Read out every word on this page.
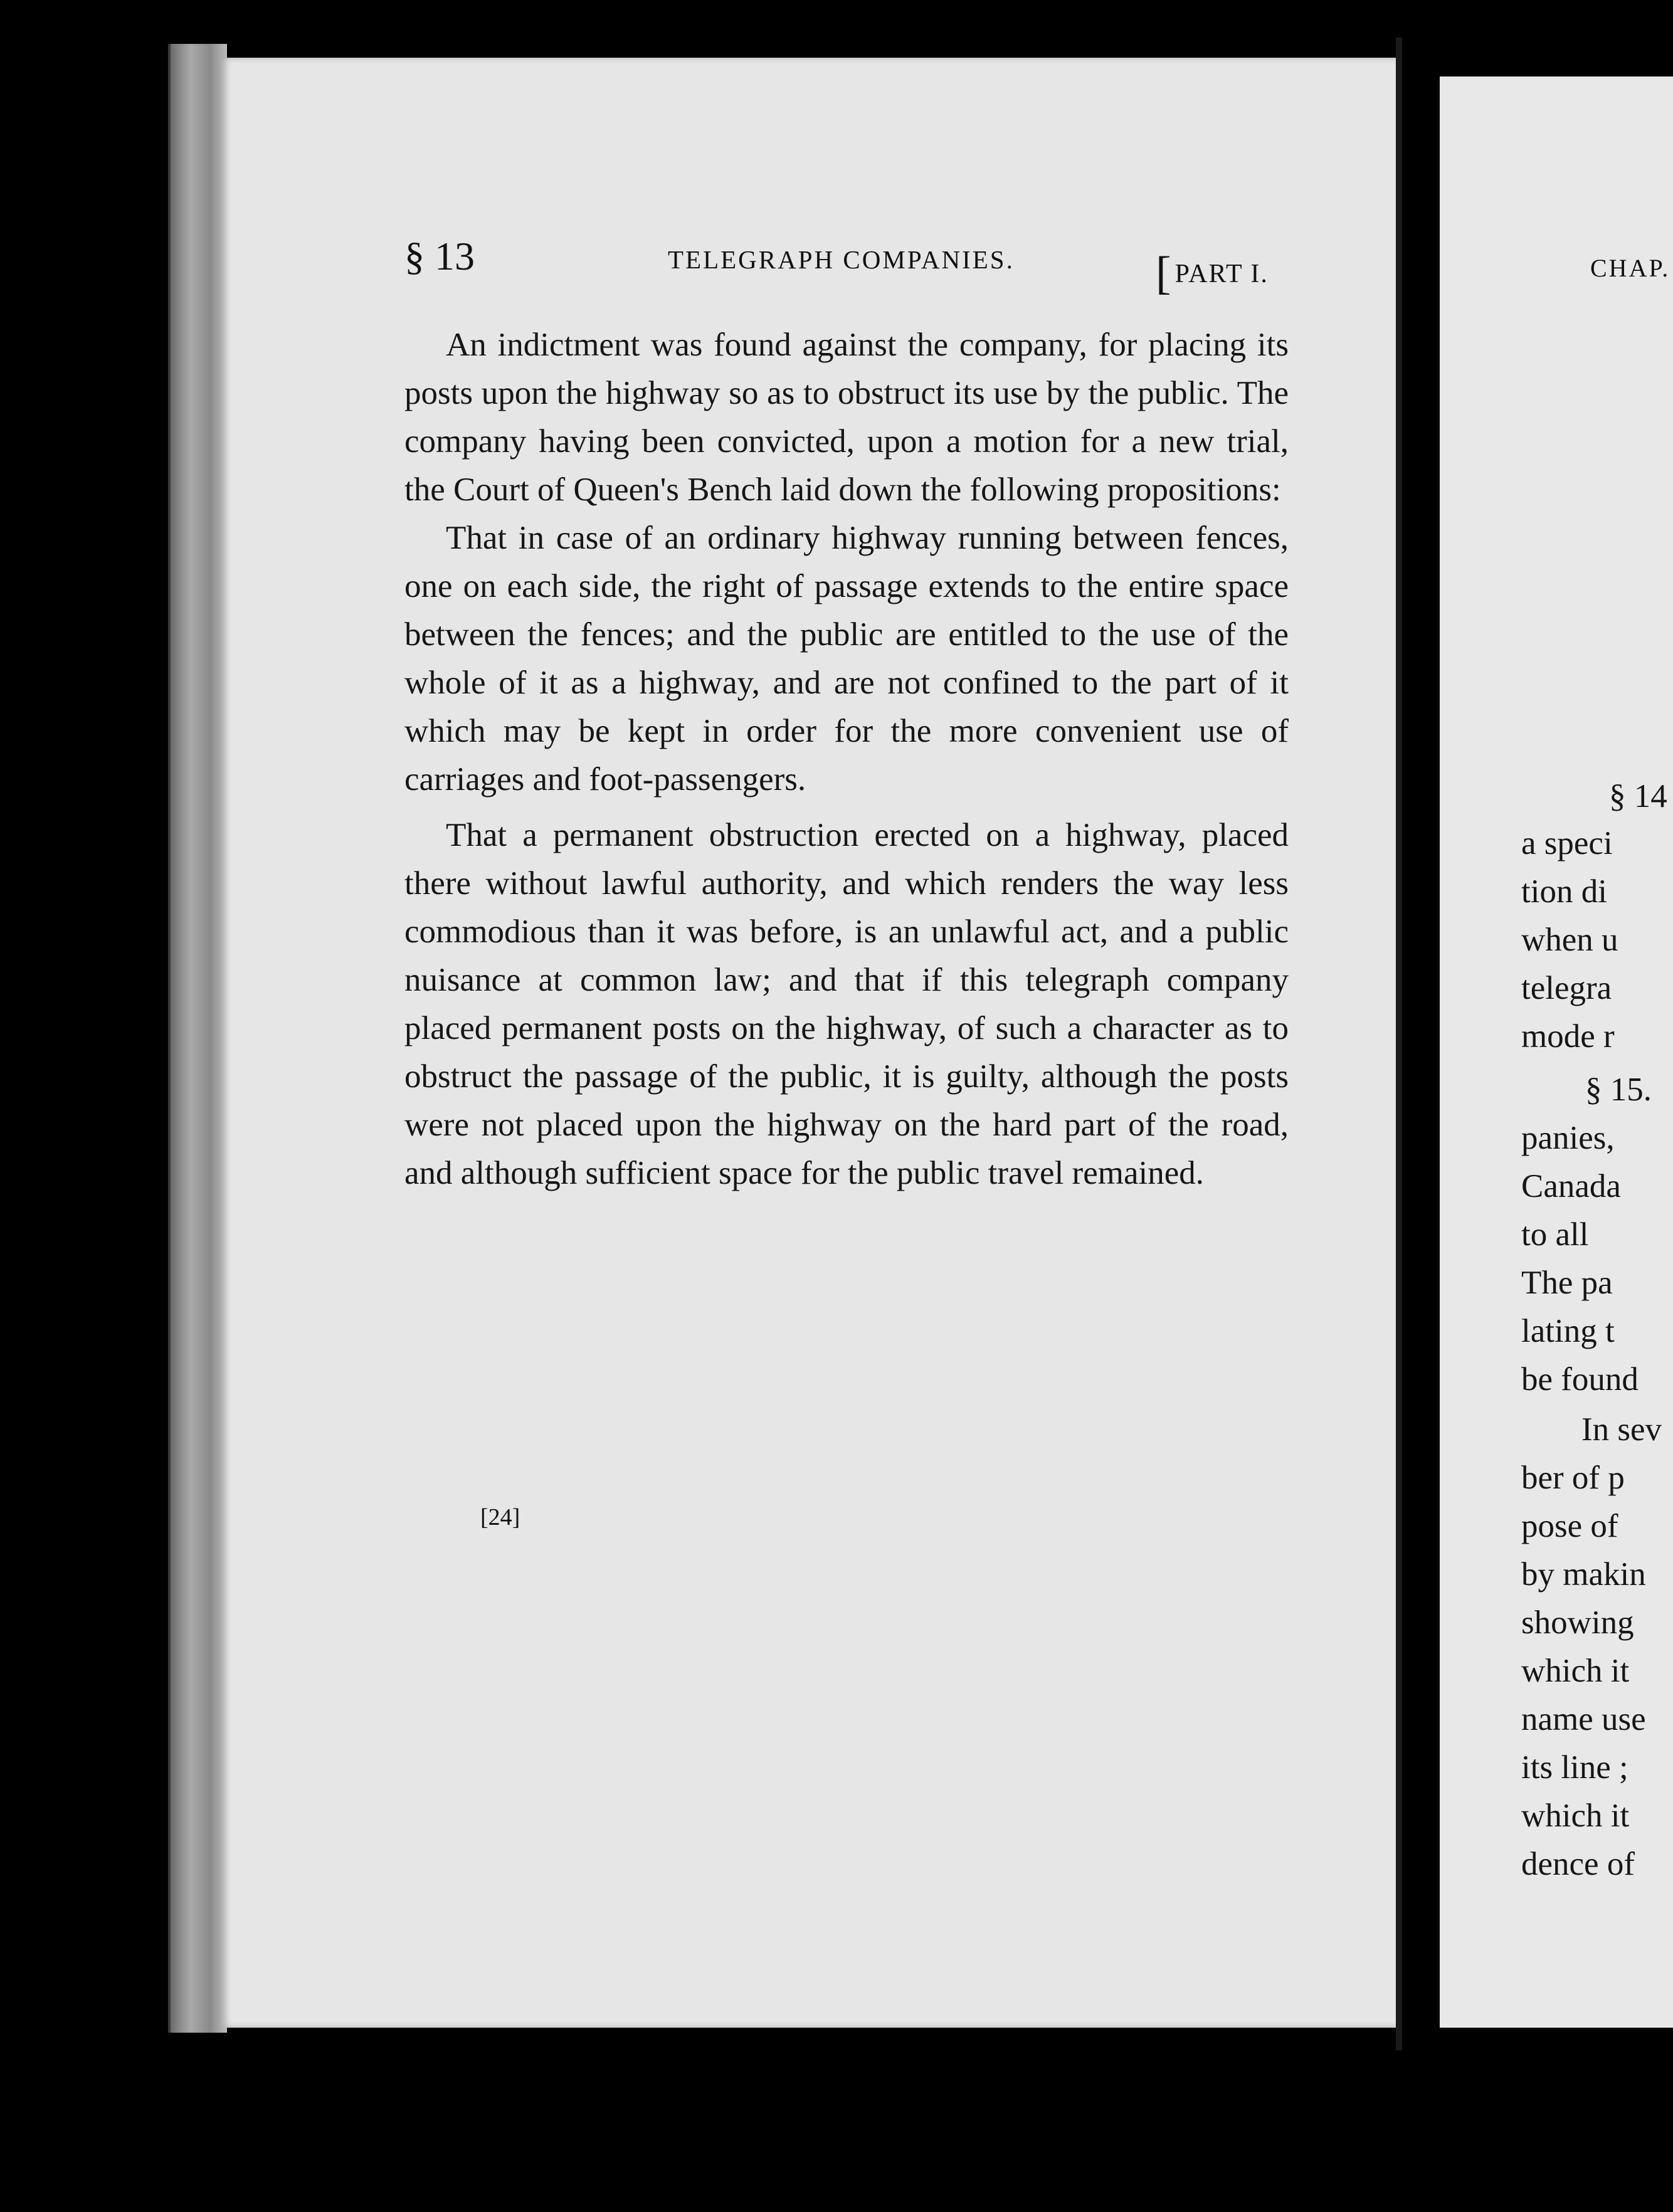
§ 13	TELEGRAPH COMPANIES.	[PART I.

An indictment was found against the company, for placing its posts upon the highway so as to obstruct its use by the public. The company having been convicted, upon a motion for a new trial, the Court of Queen's Bench laid down the following propositions:

That in case of an ordinary highway running between fences, one on each side, the right of passage extends to the entire space between the fences; and the public are entitled to the use of the whole of it as a highway, and are not confined to the part of it which may be kept in order for the more convenient use of carriages and foot-passengers.

That a permanent obstruction erected on a highway, placed there without lawful authority, and which renders the way less commodious than it was before, is an unlawful act, and a public nuisance at common law; and that if this telegraph company placed permanent posts on the highway, of such a character as to obstruct the passage of the public, it is guilty, although the posts were not placed upon the highway on the hard part of the road, and although sufficient space for the public travel remained.

[24]
CHAP.
§ 14
a speci
tion di
when u
telegra
mode r
§ 15.
panies,
Canada
to all
The pa
lating t
be found
In sev
ber of p
pose of
by makin
showing
which it
name use
its line ;
which it
dence of
